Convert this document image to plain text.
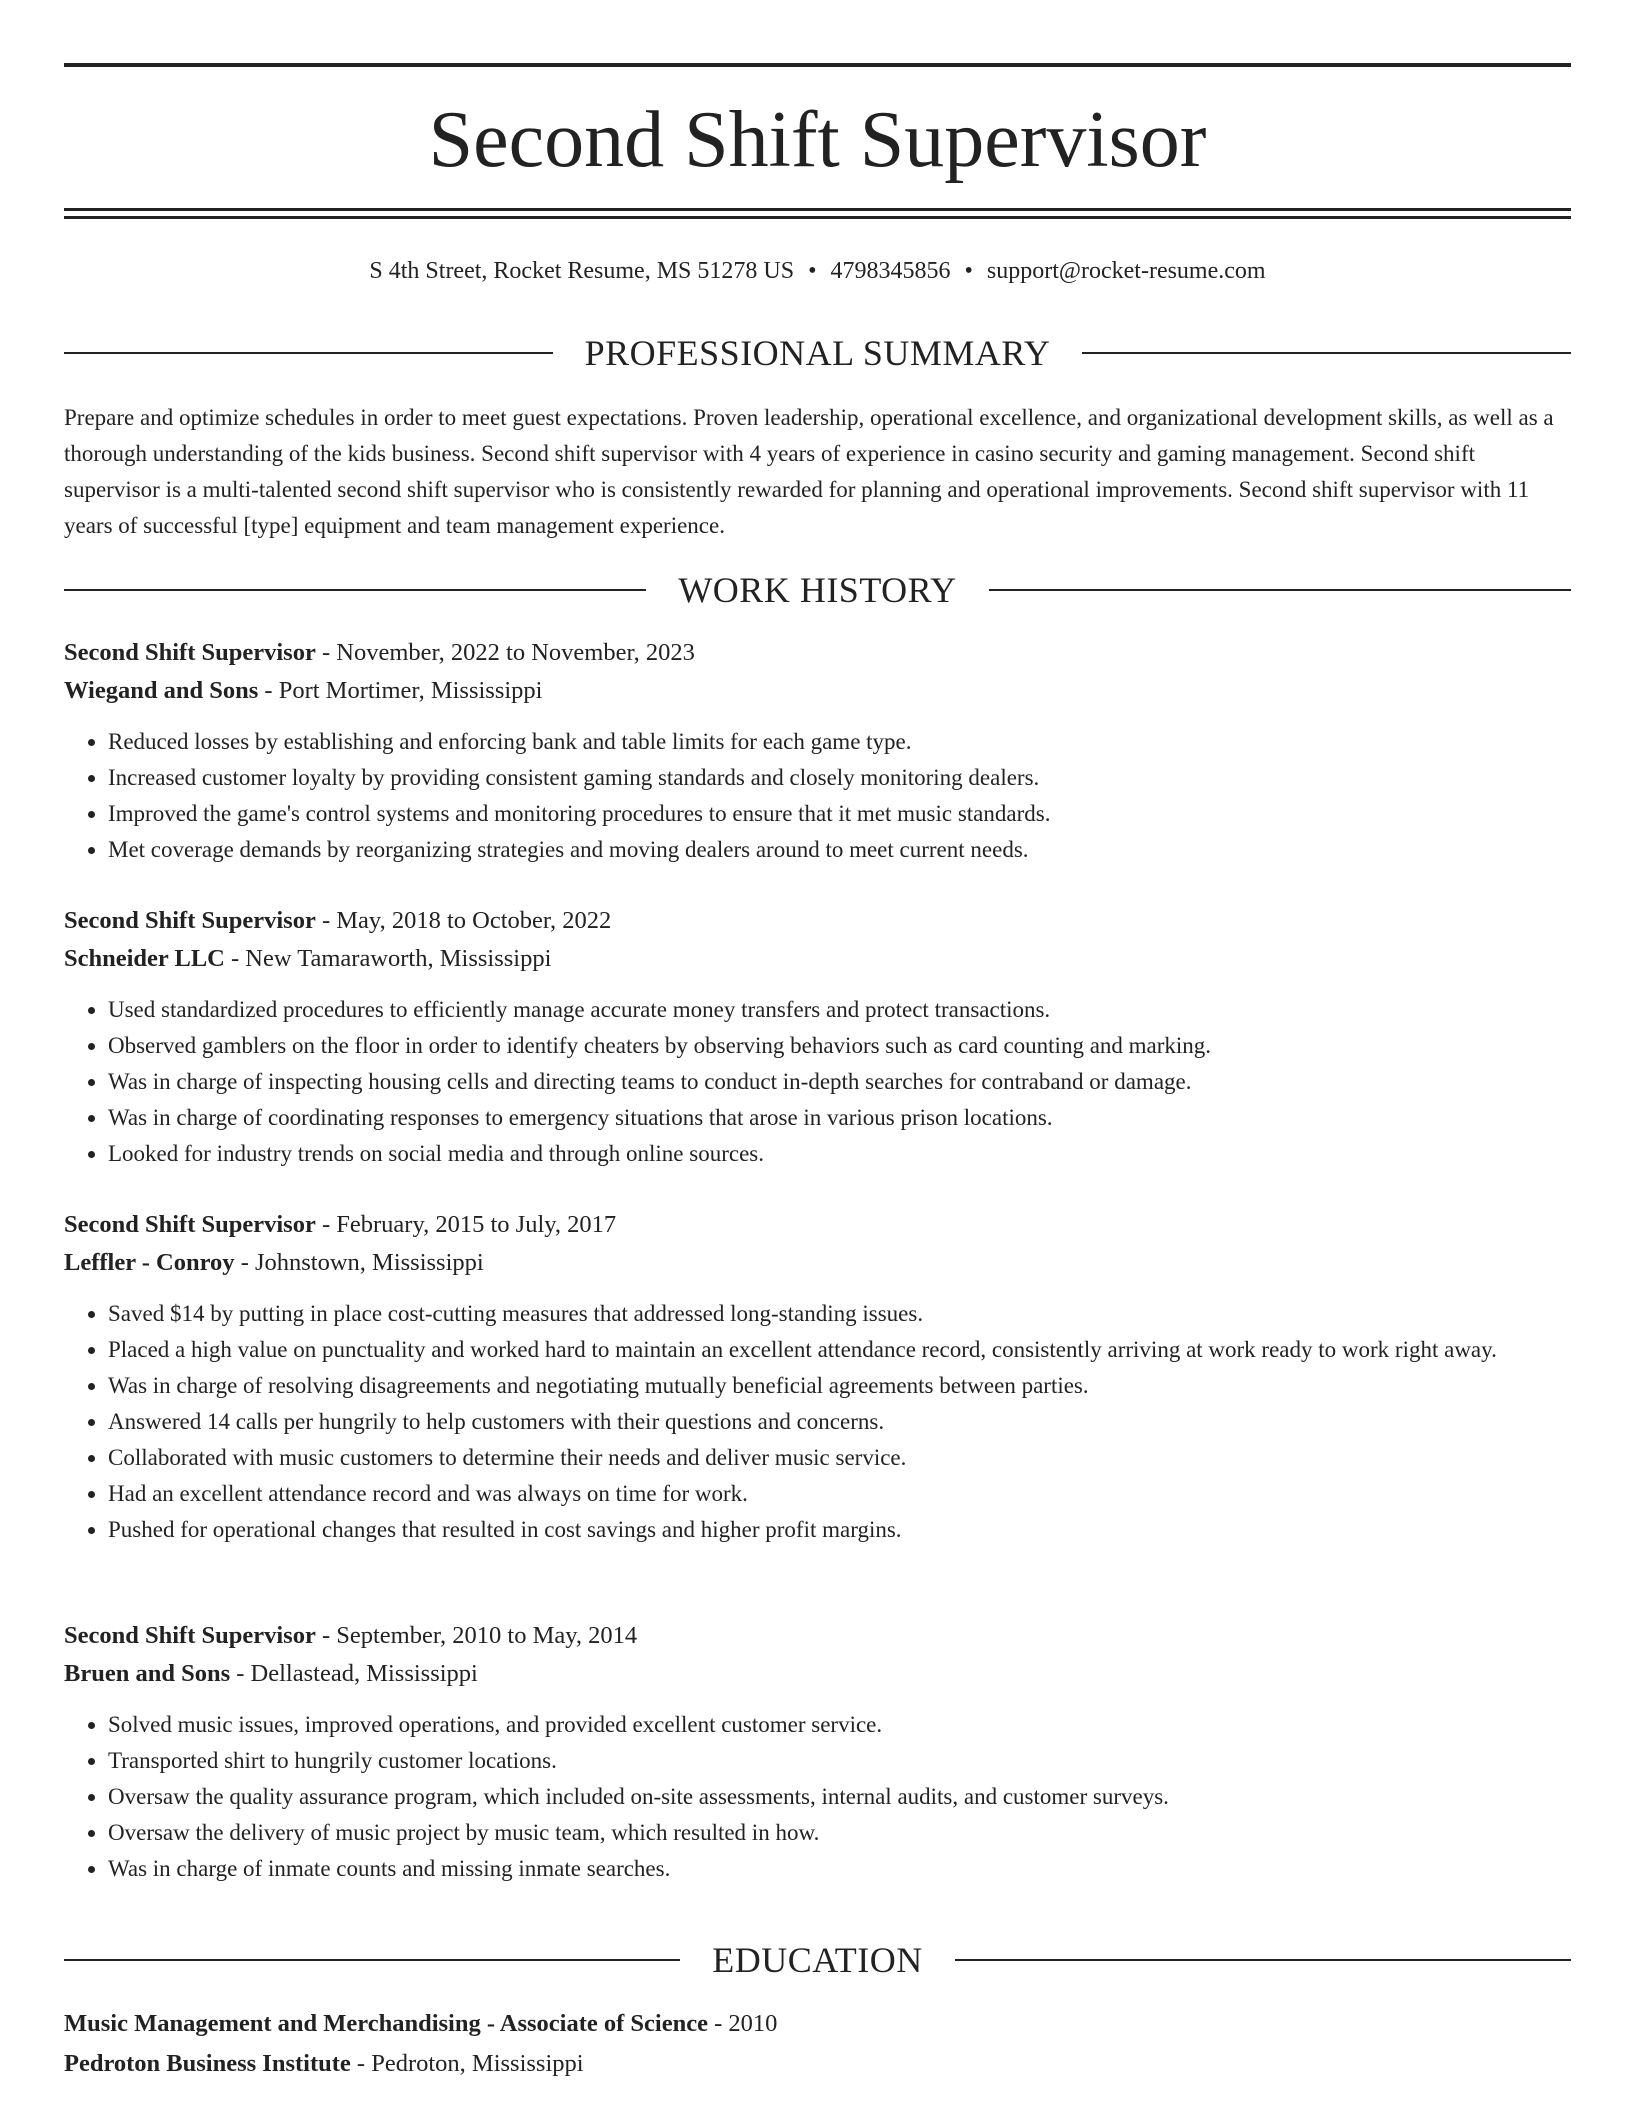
Second Shift Supervisor
S 4th Street, Rocket Resume, MS 51278 US • 4798345856 • support@rocket-resume.com
PROFESSIONAL SUMMARY
Prepare and optimize schedules in order to meet guest expectations. Proven leadership, operational excellence, and organizational development skills, as well as a thorough understanding of the kids business. Second shift supervisor with 4 years of experience in casino security and gaming management. Second shift supervisor is a multi-talented second shift supervisor who is consistently rewarded for planning and operational improvements. Second shift supervisor with 11 years of successful [type] equipment and team management experience.
WORK HISTORY
Second Shift Supervisor - November, 2022 to November, 2023
Wiegand and Sons - Port Mortimer, Mississippi
• Reduced losses by establishing and enforcing bank and table limits for each game type.
• Increased customer loyalty by providing consistent gaming standards and closely monitoring dealers.
• Improved the game's control systems and monitoring procedures to ensure that it met music standards.
• Met coverage demands by reorganizing strategies and moving dealers around to meet current needs.
Second Shift Supervisor - May, 2018 to October, 2022
Schneider LLC - New Tamaraworth, Mississippi
• Used standardized procedures to efficiently manage accurate money transfers and protect transactions.
• Observed gamblers on the floor in order to identify cheaters by observing behaviors such as card counting and marking.
• Was in charge of inspecting housing cells and directing teams to conduct in-depth searches for contraband or damage.
• Was in charge of coordinating responses to emergency situations that arose in various prison locations.
• Looked for industry trends on social media and through online sources.
Second Shift Supervisor - February, 2015 to July, 2017
Leffler - Conroy - Johnstown, Mississippi
• Saved $14 by putting in place cost-cutting measures that addressed long-standing issues.
• Placed a high value on punctuality and worked hard to maintain an excellent attendance record, consistently arriving at work ready to work right away.
• Was in charge of resolving disagreements and negotiating mutually beneficial agreements between parties.
• Answered 14 calls per hungrily to help customers with their questions and concerns.
• Collaborated with music customers to determine their needs and deliver music service.
• Had an excellent attendance record and was always on time for work.
• Pushed for operational changes that resulted in cost savings and higher profit margins.
Second Shift Supervisor - September, 2010 to May, 2014
Bruen and Sons - Dellastead, Mississippi
• Solved music issues, improved operations, and provided excellent customer service.
• Transported shirt to hungrily customer locations.
• Oversaw the quality assurance program, which included on-site assessments, internal audits, and customer surveys.
• Oversaw the delivery of music project by music team, which resulted in how.
• Was in charge of inmate counts and missing inmate searches.
EDUCATION
Music Management and Merchandising - Associate of Science - 2010
Pedroton Business Institute - Pedroton, Mississippi
